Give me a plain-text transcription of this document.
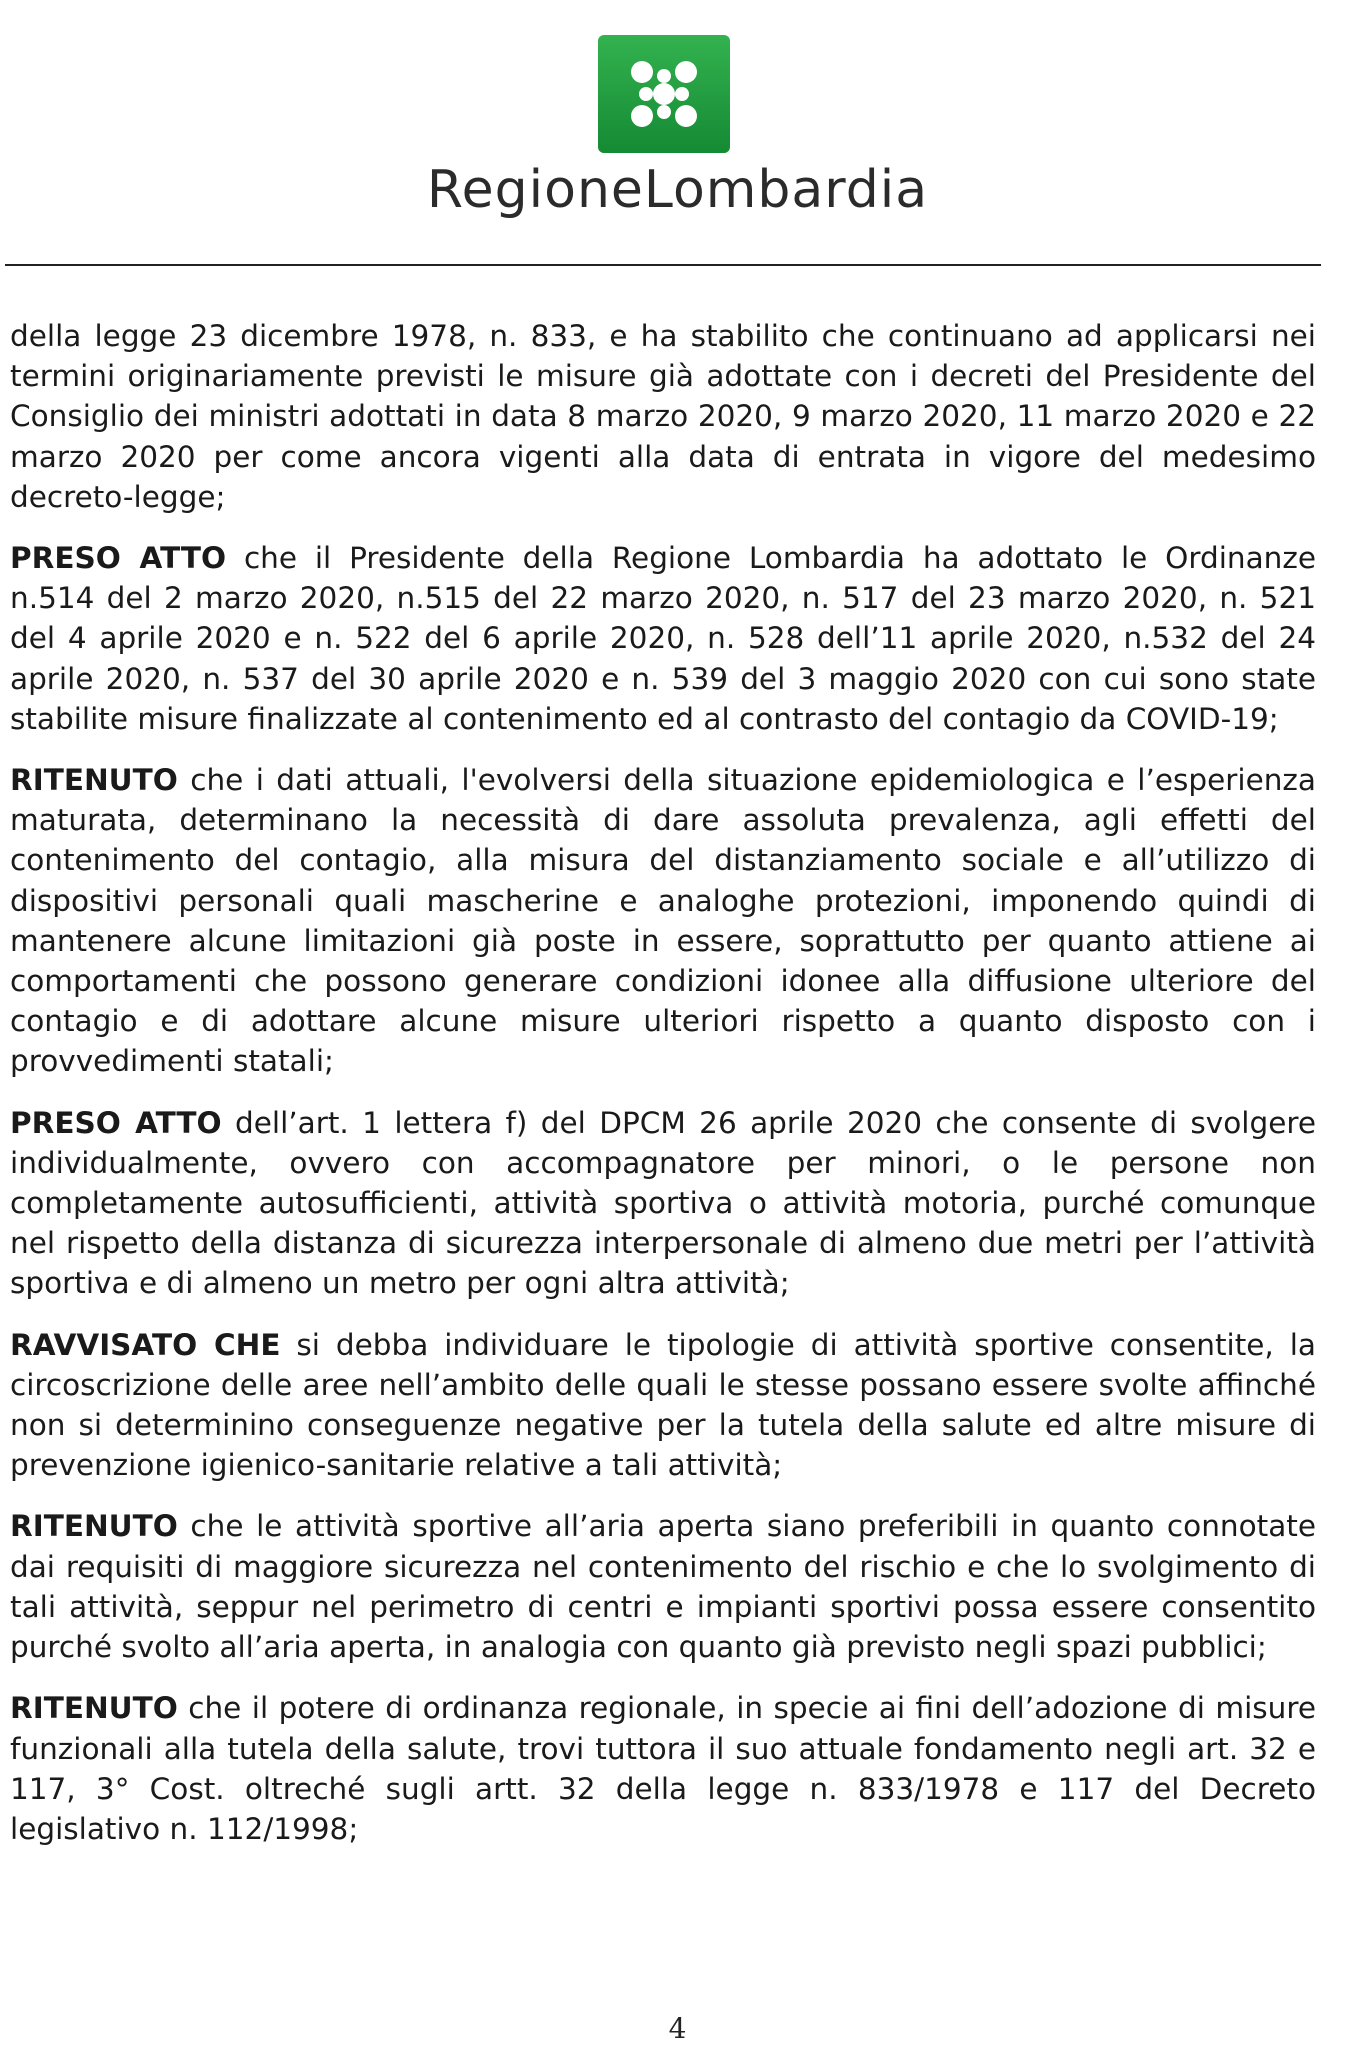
RegioneLombardia

della legge 23 dicembre 1978, n. 833, e ha stabilito che continuano ad applicarsi nei termini originariamente previsti le misure già adottate con i decreti del Presidente del Consiglio dei ministri adottati in data 8 marzo 2020, 9 marzo 2020, 11 marzo 2020 e 22 marzo 2020 per come ancora vigenti alla data di entrata in vigore del medesimo decreto-legge;

PRESO ATTO che il Presidente della Regione Lombardia ha adottato le Ordinanze n.514 del 2 marzo 2020, n.515 del 22 marzo 2020, n. 517 del 23 marzo 2020, n. 521 del 4 aprile 2020 e n. 522 del 6 aprile 2020, n. 528 dell’11 aprile 2020, n.532 del 24 aprile 2020, n. 537 del 30 aprile 2020 e n. 539 del 3 maggio 2020 con cui sono state stabilite misure finalizzate al contenimento ed al contrasto del contagio da COVID-19;

RITENUTO che i dati attuali, l'evolversi della situazione epidemiologica e l’esperienza maturata, determinano la necessità di dare assoluta prevalenza, agli effetti del contenimento del contagio, alla misura del distanziamento sociale e all’utilizzo di dispositivi personali quali mascherine e analoghe protezioni, imponendo quindi di mantenere alcune limitazioni già poste in essere, soprattutto per quanto attiene ai comportamenti che possono generare condizioni idonee alla diffusione ulteriore del contagio e di adottare alcune misure ulteriori rispetto a quanto disposto con i provvedimenti statali;

PRESO ATTO dell’art. 1 lettera f) del DPCM 26 aprile 2020 che consente di svolgere individualmente, ovvero con accompagnatore per minori, o le persone non completamente autosufficienti, attività sportiva o attività motoria, purché comunque nel rispetto della distanza di sicurezza interpersonale di almeno due metri per l’attività sportiva e di almeno un metro per ogni altra attività;

RAVVISATO CHE si debba individuare le tipologie di attività sportive consentite, la circoscrizione delle aree nell’ambito delle quali le stesse possano essere svolte affinché non si determinino conseguenze negative per la tutela della salute ed altre misure di prevenzione igienico-sanitarie relative a tali attività;

RITENUTO che le attività sportive all’aria aperta siano preferibili in quanto connotate dai requisiti di maggiore sicurezza nel contenimento del rischio e che lo svolgimento di tali attività, seppur nel perimetro di centri e impianti sportivi possa essere consentito purché svolto all’aria aperta, in analogia con quanto già previsto negli spazi pubblici;

RITENUTO che il potere di ordinanza regionale, in specie ai fini dell’adozione di misure funzionali alla tutela della salute, trovi tuttora il suo attuale fondamento negli art. 32 e 117, 3° Cost. oltreché sugli artt. 32 della legge n. 833/1978 e 117 del Decreto legislativo n. 112/1998;

4
